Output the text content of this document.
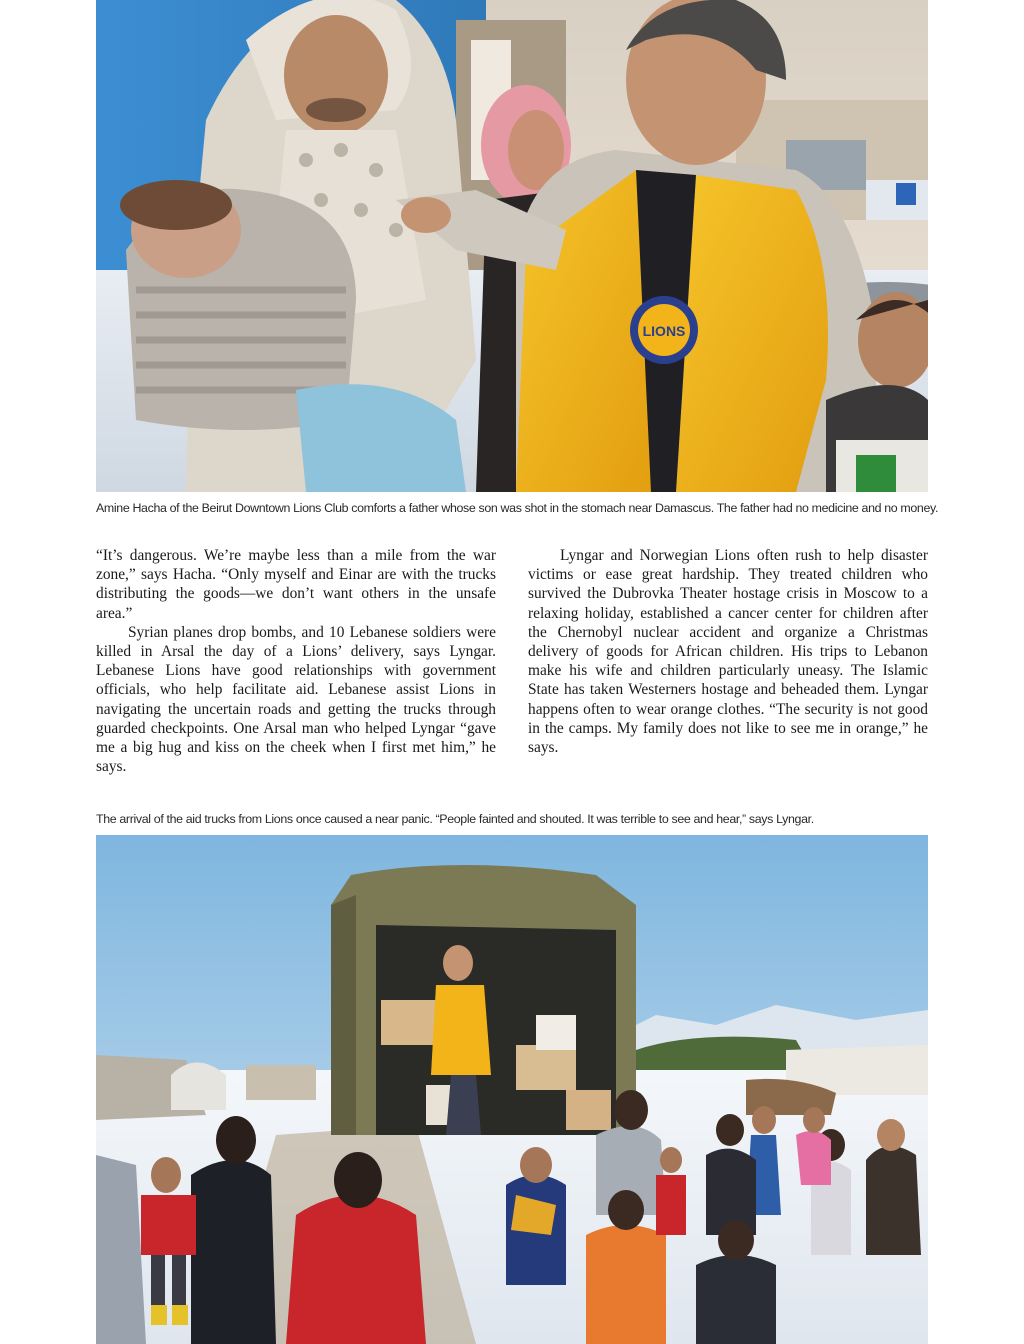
LIONS
Amine Hacha of the Beirut Downtown Lions Club comforts a father whose son was shot in the stomach near Damascus. The father had no medicine and no money.

“It’s dangerous. We’re maybe less than a mile from the war zone,” says Hacha. “Only myself and Einar are with the trucks distributing the goods—we don’t want others in the unsafe area.”

Syrian planes drop bombs, and 10 Lebanese soldiers were killed in Arsal the day of a Lions’ delivery, says Lyngar. Lebanese Lions have good relationships with government officials, who help facilitate aid. Lebanese assist Lions in navigating the uncertain roads and getting the trucks through guarded checkpoints. One Arsal man who helped Lyngar “gave me a big hug and kiss on the cheek when I first met him,” he says.

Lyngar and Norwegian Lions often rush to help disaster victims or ease great hardship. They treated children who survived the Dubrovka Theater hostage crisis in Moscow to a relaxing holiday, established a cancer center for children after the Chernobyl nuclear accident and organize a Christmas delivery of goods for African children. His trips to Lebanon make his wife and children particularly uneasy. The Islamic State has taken Westerners hostage and beheaded them. Lyngar happens often to wear orange clothes. “The security is not good in the camps. My family does not like to see me in orange,” he says.

The arrival of the aid trucks from Lions once caused a near panic. “People fainted and shouted. It was terrible to see and hear,” says Lyngar.
